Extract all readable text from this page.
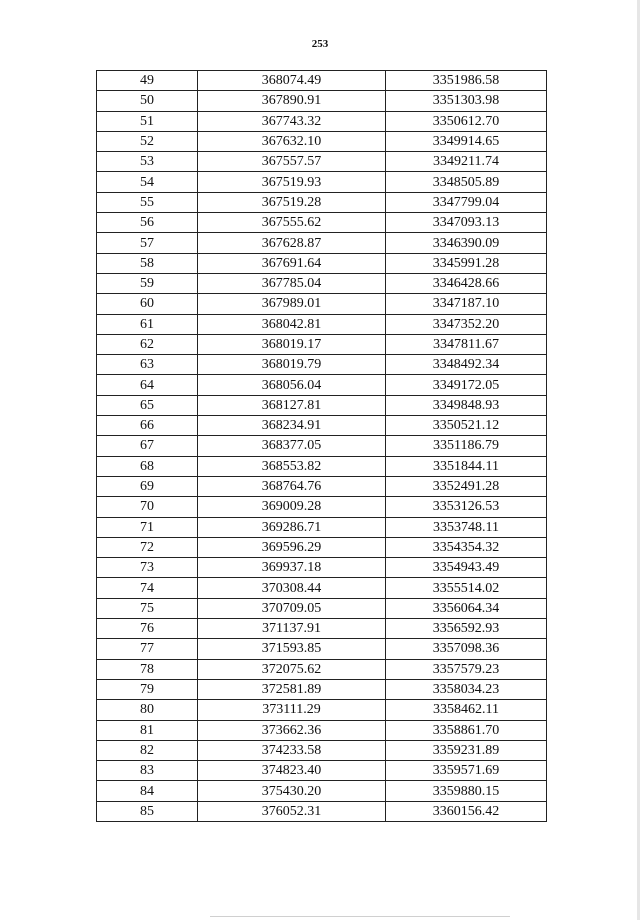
253
49	368074.49	3351986.58
50	367890.91	3351303.98
51	367743.32	3350612.70
52	367632.10	3349914.65
53	367557.57	3349211.74
54	367519.93	3348505.89
55	367519.28	3347799.04
56	367555.62	3347093.13
57	367628.87	3346390.09
58	367691.64	3345991.28
59	367785.04	3346428.66
60	367989.01	3347187.10
61	368042.81	3347352.20
62	368019.17	3347811.67
63	368019.79	3348492.34
64	368056.04	3349172.05
65	368127.81	3349848.93
66	368234.91	3350521.12
67	368377.05	3351186.79
68	368553.82	3351844.11
69	368764.76	3352491.28
70	369009.28	3353126.53
71	369286.71	3353748.11
72	369596.29	3354354.32
73	369937.18	3354943.49
74	370308.44	3355514.02
75	370709.05	3356064.34
76	371137.91	3356592.93
77	371593.85	3357098.36
78	372075.62	3357579.23
79	372581.89	3358034.23
80	373111.29	3358462.11
81	373662.36	3358861.70
82	374233.58	3359231.89
83	374823.40	3359571.69
84	375430.20	3359880.15
85	376052.31	3360156.42
